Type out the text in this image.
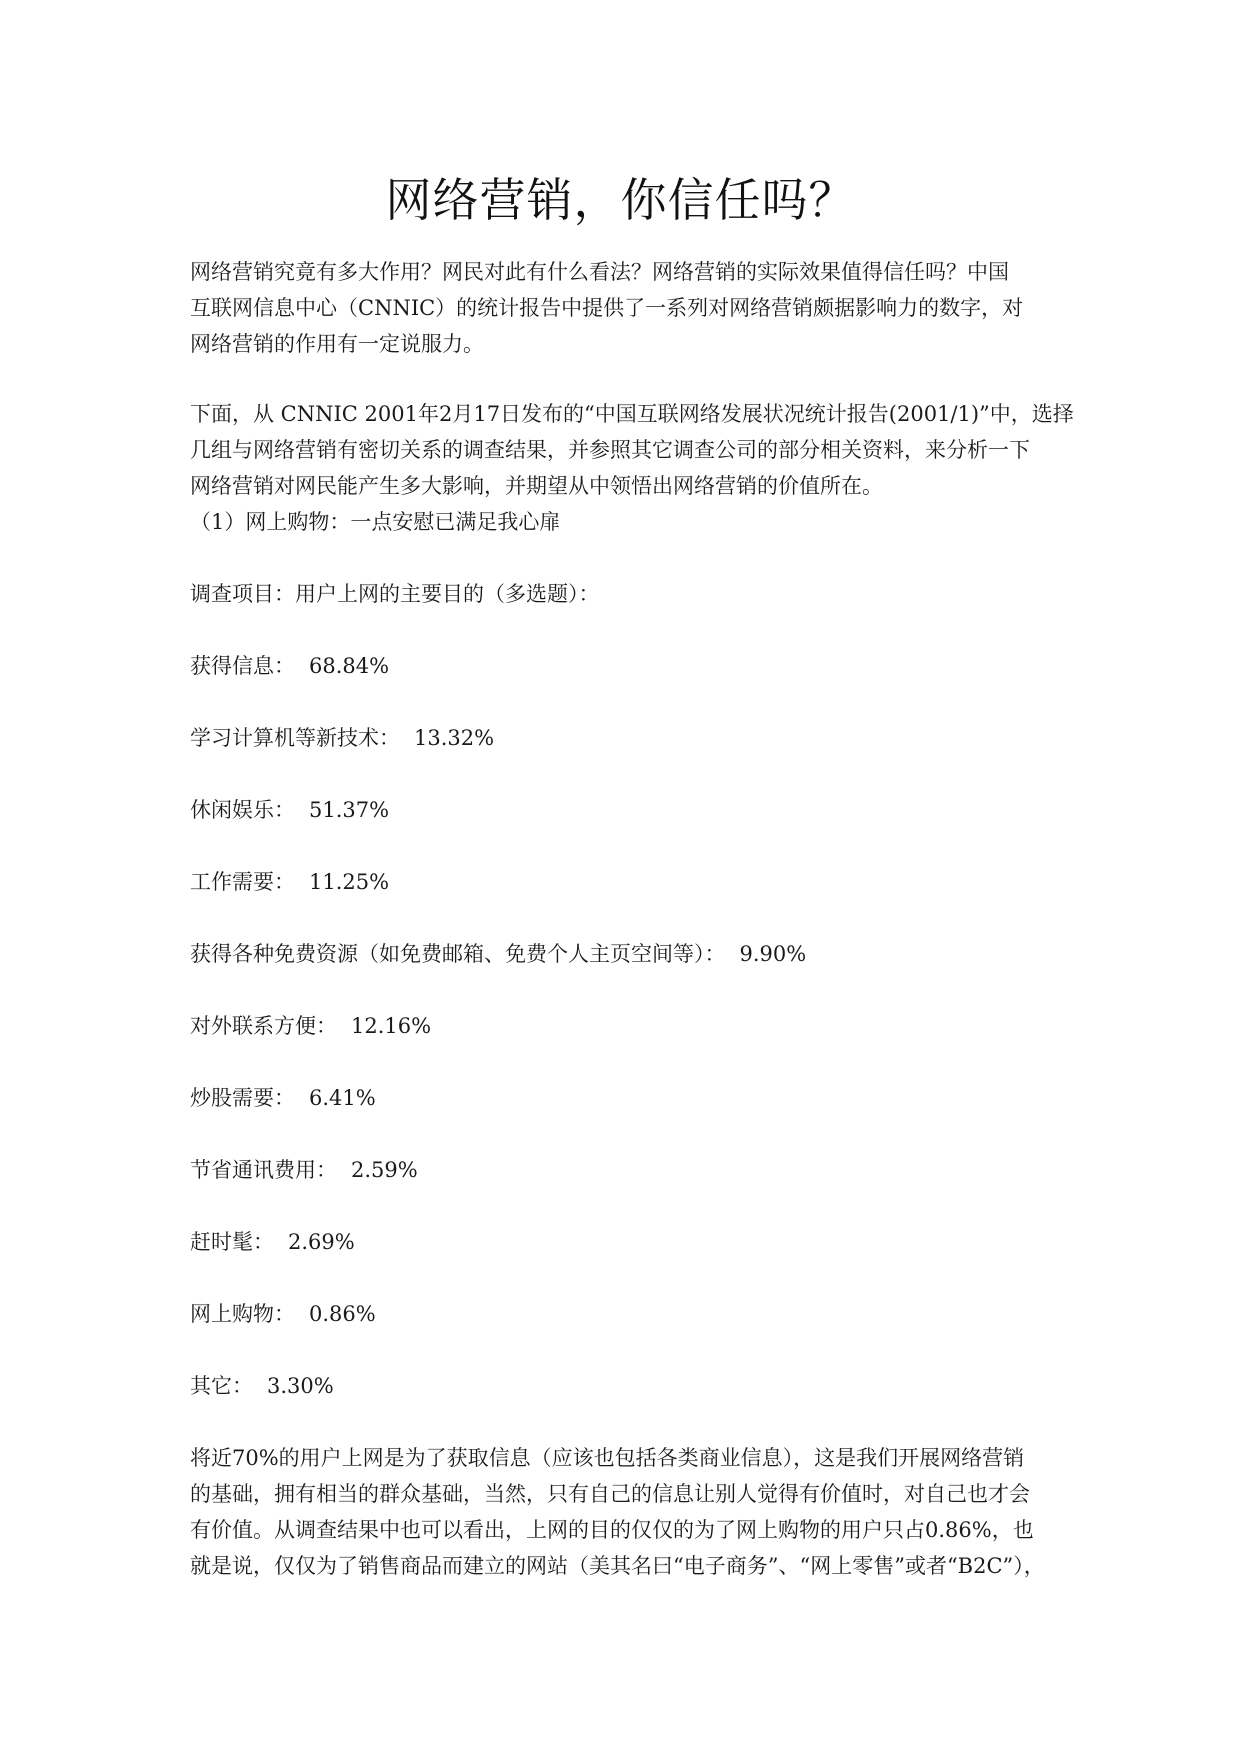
网络营销，你信任吗？
网络营销究竟有多大作用？网民对此有什么看法？网络营销的实际效果值得信任吗？中国
互联网信息中心（CNNIC）的统计报告中提供了一系列对网络营销颇据影响力的数字，对
网络营销的作用有一定说服力。
下面，从 CNNIC 2001年2月17日发布的“中国互联网络发展状况统计报告(2001/1)”中，选择
几组与网络营销有密切关系的调查结果，并参照其它调查公司的部分相关资料，来分析一下
网络营销对网民能产生多大影响，并期望从中领悟出网络营销的价值所在。
（1）网上购物：一点安慰已满足我心扉
调查项目：用户上网的主要目的（多选题）：
获得信息： 68.84%
学习计算机等新技术： 13.32%
休闲娱乐： 51.37%
工作需要： 11.25%
获得各种免费资源（如免费邮箱、免费个人主页空间等）： 9.90%
对外联系方便： 12.16%
炒股需要： 6.41%
节省通讯费用： 2.59%
赶时髦： 2.69%
网上购物： 0.86%
其它： 3.30%
将近70%的用户上网是为了获取信息（应该也包括各类商业信息），这是我们开展网络营销
的基础，拥有相当的群众基础，当然，只有自己的信息让别人觉得有价值时，对自己也才会
有价值。从调查结果中也可以看出，上网的目的仅仅的为了网上购物的用户只占0.86%，也
就是说，仅仅为了销售商品而建立的网站（美其名曰“电子商务”、“网上零售”或者“B2C”），
